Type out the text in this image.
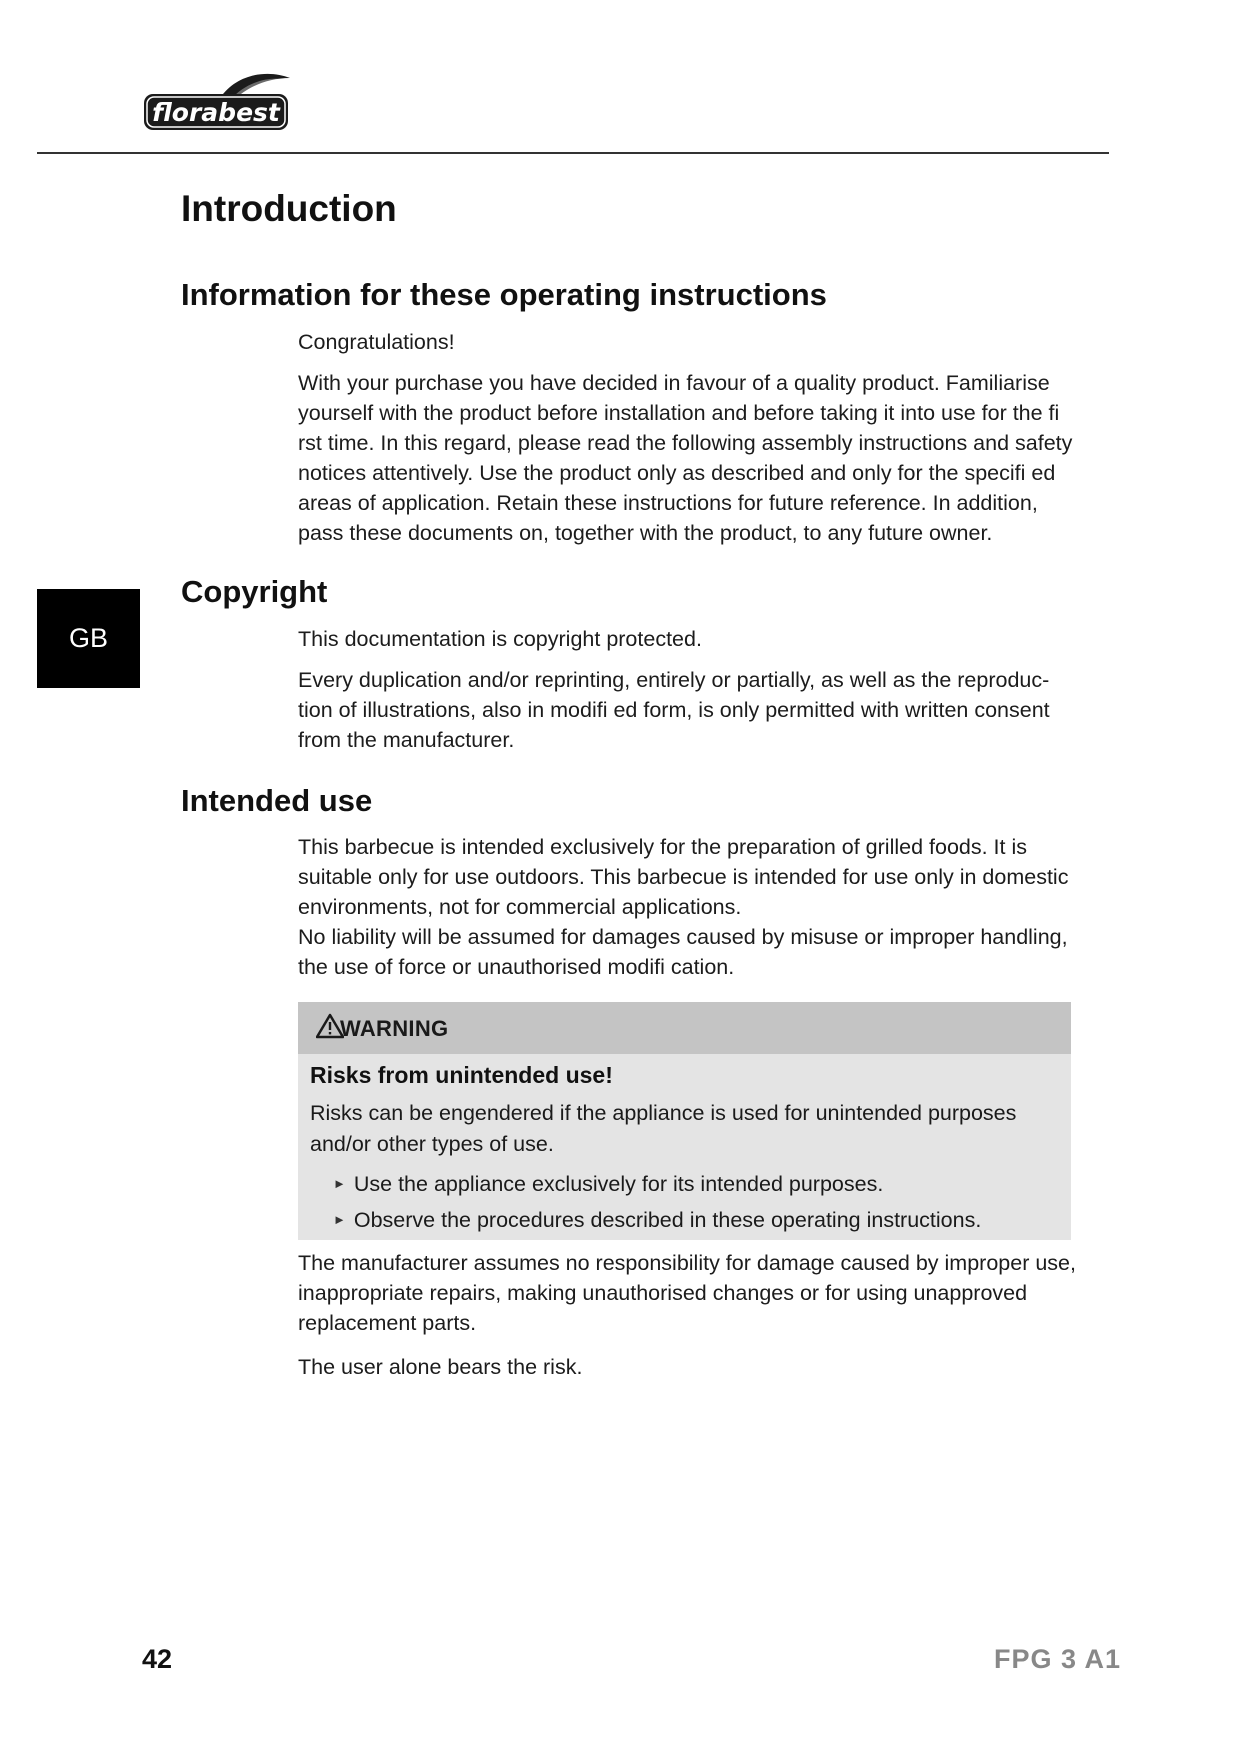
florabest
GB
Introduction
Information for these operating instructions

Congratulations!

With your purchase you have decided in favour of a quality product. Familiarise yourself with the product before installation and before taking it into use for the fi rst time. In this regard, please read the following assembly instructions and safety notices attentively. Use the product only as described and only for the specifi ed areas of application. Retain these instructions for future reference. In addition, pass these documents on, together with the product, to any future owner.

Copyright

This documentation is copyright protected.

Every duplication and/or reprinting, entirely or partially, as well as the reproduc-tion of illustrations, also in modifi ed form, is only permitted with written consent from the manufacturer.

Intended use

This barbecue is intended exclusively for the preparation of grilled foods. It is suitable only for use outdoors. This barbecue is intended for use only in domestic environments, not for commercial applications.

No liability will be assumed for damages caused by misuse or improper handling, the use of force or unauthorised modifi cation.

WARNING
Risks from unintended use!
Risks can be engendered if the appliance is used for unintended purposes and/or other types of use.
► Use the appliance exclusively for its intended purposes.
► Observe the procedures described in these operating instructions.

The manufacturer assumes no responsibility for damage caused by improper use, inappropriate repairs, making unauthorised changes or for using unapproved replacement parts.

The user alone bears the risk.

42	FPG 3 A1
